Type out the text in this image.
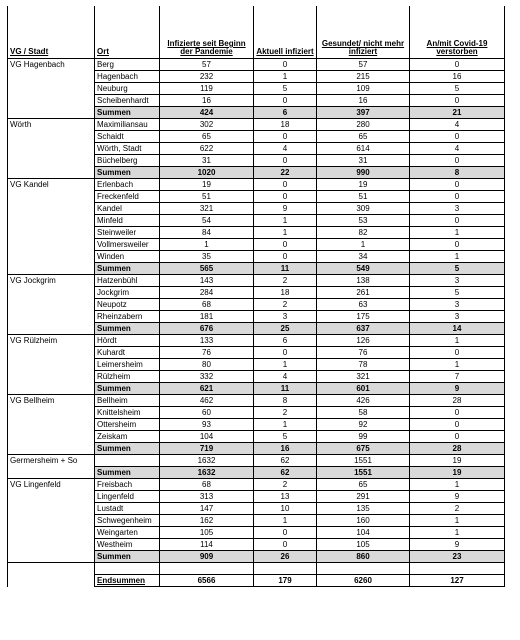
VG / Stadt	Ort	Infizierte seit Beginn der Pandemie	Aktuell infiziert	Gesundet/ nicht mehr infiziert	An/mit Covid-19 verstorben
VG Hagenbach	Berg	57	0	57	0
	Hagenbach	232	1	215	16
	Neuburg	119	5	109	5
	Scheibenhardt	16	0	16	0
	Summen	424	6	397	21
Wörth	Maximiliansau	302	18	280	4
	Schaidt	65	0	65	0
	Wörth, Stadt	622	4	614	4
	Büchelberg	31	0	31	0
	Summen	1020	22	990	8
VG Kandel	Erlenbach	19	0	19	0
	Freckenfeld	51	0	51	0
	Kandel	321	9	309	3
	Minfeld	54	1	53	0
	Steinweiler	84	1	82	1
	Vollmersweiler	1	0	1	0
	Winden	35	0	34	1
	Summen	565	11	549	5
VG Jockgrim	Hatzenbühl	143	2	138	3
	Jockgrim	284	18	261	5
	Neupotz	68	2	63	3
	Rheinzabern	181	3	175	3
	Summen	676	25	637	14
VG Rülzheim	Hördt	133	6	126	1
	Kuhardt	76	0	76	0
	Leimersheim	80	1	78	1
	Rülzheim	332	4	321	7
	Summen	621	11	601	9
VG Bellheim	Bellheim	462	8	426	28
	Knittelsheim	60	2	58	0
	Ottersheim	93	1	92	0
	Zeiskam	104	5	99	0
	Summen	719	16	675	28
Germersheim + So		1632	62	1551	19
	Summen	1632	62	1551	19
VG Lingenfeld	Freisbach	68	2	65	1
	Lingenfeld	313	13	291	9
	Lustadt	147	10	135	2
	Schwegenheim	162	1	160	1
	Weingarten	105	0	104	1
	Westheim	114	0	105	9
	Summen	909	26	860	23

	Endsummen	6566	179	6260	127
